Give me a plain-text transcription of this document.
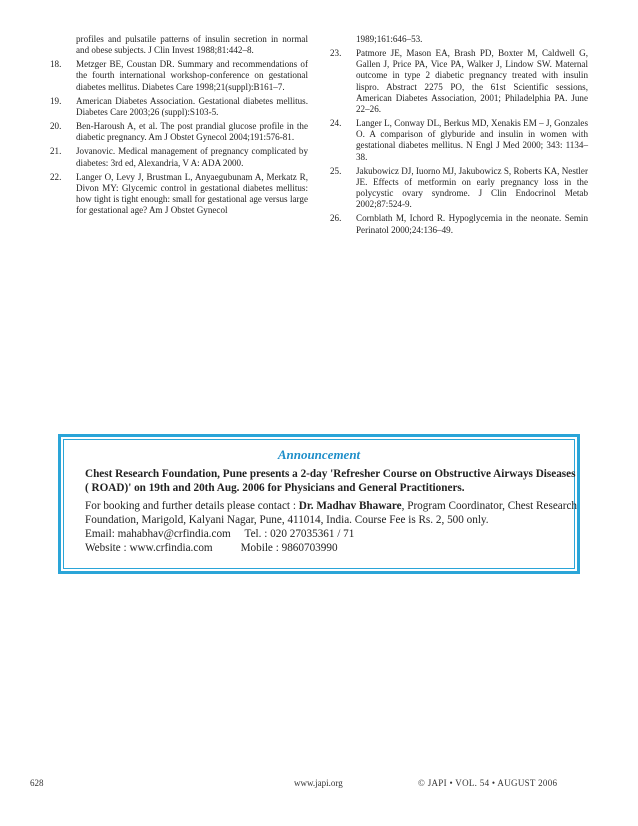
profiles and pulsatile patterns of insulin secretion in normal and obese subjects. J Clin Invest 1988;81:442–8.
18. Metzger BE, Coustan DR. Summary and recommendations of the fourth international workshop-conference on gestational diabetes mellitus. Diabetes Care 1998;21(suppl):B161–7.
19. American Diabetes Association. Gestational diabetes mellitus. Diabetes Care 2003;26 (suppl):S103-5.
20. Ben-Haroush A, et al. The post prandial glucose profile in the diabetic pregnancy. Am J Obstet Gynecol 2004;191:576-81.
21. Jovanovic. Medical management of pregnancy complicated by diabetes: 3rd ed, Alexandria, V A: ADA 2000.
22. Langer O, Levy J, Brustman L, Anyaegubunam A, Merkatz R, Divon MY: Glycemic control in gestational diabetes mellitus: how tight is tight enough: small for gestational age versus large for gestational age? Am J Obstet Gynecol
1989;161:646–53.
23. Patmore JE, Mason EA, Brash PD, Boxter M, Caldwell G, Gallen J, Price PA, Vice PA, Walker J, Lindow SW. Maternal outcome in type 2 diabetic pregnancy treated with insulin lispro. Abstract 2275 PO, the 61st Scientific sessions, American Diabetes Association, 2001; Philadelphia PA. June 22–26.
24. Langer L, Conway DL, Berkus MD, Xenakis EM – J, Gonzales O. A comparison of glyburide and insulin in women with gestational diabetes mellitus. N Engl J Med 2000; 343: 1134–38.
25. Jakubowicz DJ, Iuorno MJ, Jakubowicz S, Roberts KA, Nestler JE. Effects of metformin on early pregnancy loss in the polycystic ovary syndrome. J Clin Endocrinol Metab 2002;87:524-9.
26. Cornblath M, Ichord R. Hypoglycemia in the neonate. Semin Perinatol 2000;24:136–49.
Announcement
Chest Research Foundation, Pune presents a 2-day 'Refresher Course on Obstructive Airways Diseases
( ROAD)' on 19th and 20th Aug. 2006 for Physicians and General Practitioners.
For booking and further details please contact : Dr. Madhav Bhaware, Program Coordinator, Chest Research
Foundation, Marigold, Kalyani Nagar, Pune, 411014, India. Course Fee is Rs. 2, 500 only.
Email: mahabhav@crfindia.com     Tel. : 020 27035361 / 71
Website : www.crfindia.com          Mobile : 9860703990
628	www.japi.org	© JAPI • VOL. 54 • AUGUST 2006
